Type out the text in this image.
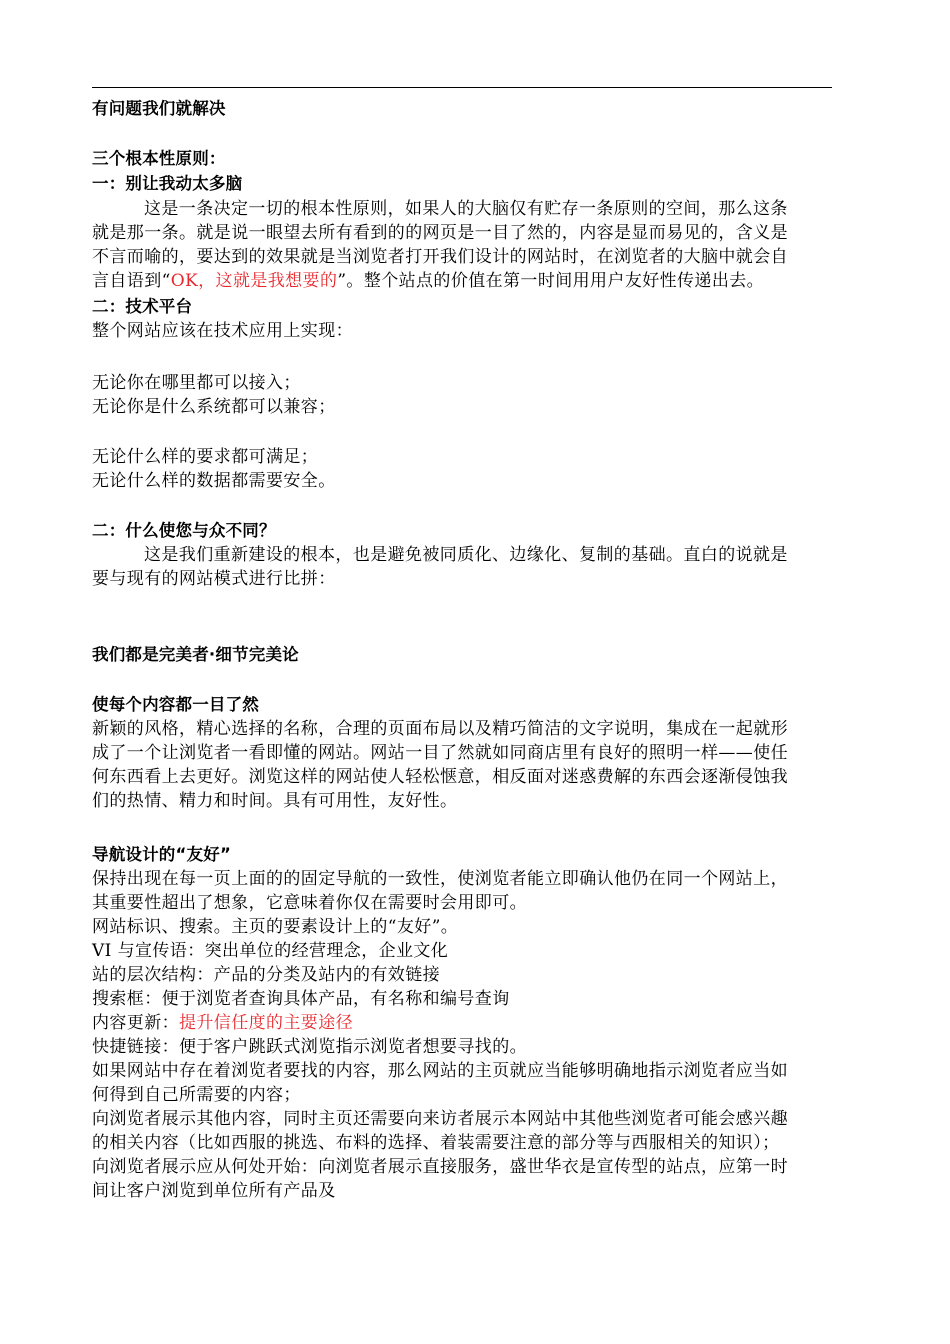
有问题我们就解决
三个根本性原则：
一：别让我动太多脑
这是一条决定一切的根本性原则，如果人的大脑仅有贮存一条原则的空间，那么这条
就是那一条。就是说一眼望去所有看到的的网页是一目了然的，内容是显而易见的，含义是
不言而喻的，要达到的效果就是当浏览者打开我们设计的网站时，在浏览者的大脑中就会自
言自语到“OK，这就是我想要的”。整个站点的价值在第一时间用用户友好性传递出去。
二：技术平台
整个网站应该在技术应用上实现：
无论你在哪里都可以接入；
无论你是什么系统都可以兼容；
无论什么样的要求都可满足；
无论什么样的数据都需要安全。
二：什么使您与众不同？
这是我们重新建设的根本，也是避免被同质化、边缘化、复制的基础。直白的说就是
要与现有的网站模式进行比拼：
我们都是完美者·细节完美论
使每个内容都一目了然
新颖的风格，精心选择的名称，合理的页面布局以及精巧简洁的文字说明，集成在一起就形
成了一个让浏览者一看即懂的网站。网站一目了然就如同商店里有良好的照明一样——使任
何东西看上去更好。浏览这样的网站使人轻松惬意，相反面对迷惑费解的东西会逐渐侵蚀我
们的热情、精力和时间。具有可用性，友好性。
导航设计的“友好”
保持出现在每一页上面的的固定导航的一致性，使浏览者能立即确认他仍在同一个网站上，
其重要性超出了想象，它意味着你仅在需要时会用即可。
网站标识、搜索。主页的要素设计上的“友好”。
VI 与宣传语：突出单位的经营理念，企业文化
站的层次结构：产品的分类及站内的有效链接
搜索框：便于浏览者查询具体产品，有名称和编号查询
内容更新：提升信任度的主要途径
快捷链接：便于客户跳跃式浏览指示浏览者想要寻找的。
如果网站中存在着浏览者要找的内容，那么网站的主页就应当能够明确地指示浏览者应当如
何得到自己所需要的内容；
向浏览者展示其他内容，同时主页还需要向来访者展示本网站中其他些浏览者可能会感兴趣
的相关内容（比如西服的挑选、布料的选择、着装需要注意的部分等与西服相关的知识）；
向浏览者展示应从何处开始：向浏览者展示直接服务，盛世华衣是宣传型的站点，应第一时
间让客户浏览到单位所有产品及
